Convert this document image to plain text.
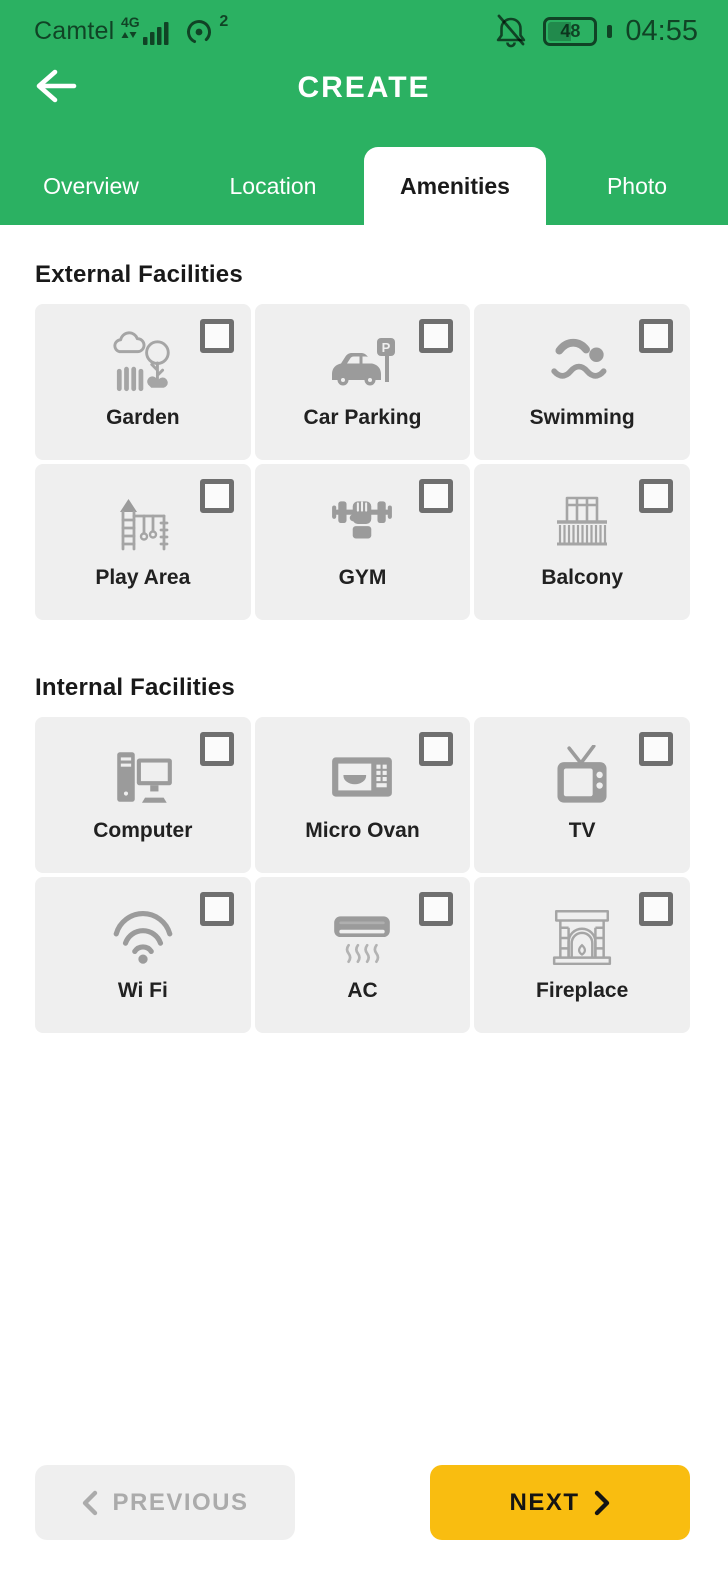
Camtel 4G	2	48 04:55
CREATE
Overview	Location	Amenities	Photo
External Facilities
Garden
P
Car Parking	Swimming
Play Area	GYM	Balcony
Internal Facilities
Computer	Micro Ovan	TV
Wi Fi	AC	Fireplace
PREVIOUS	NEXT
